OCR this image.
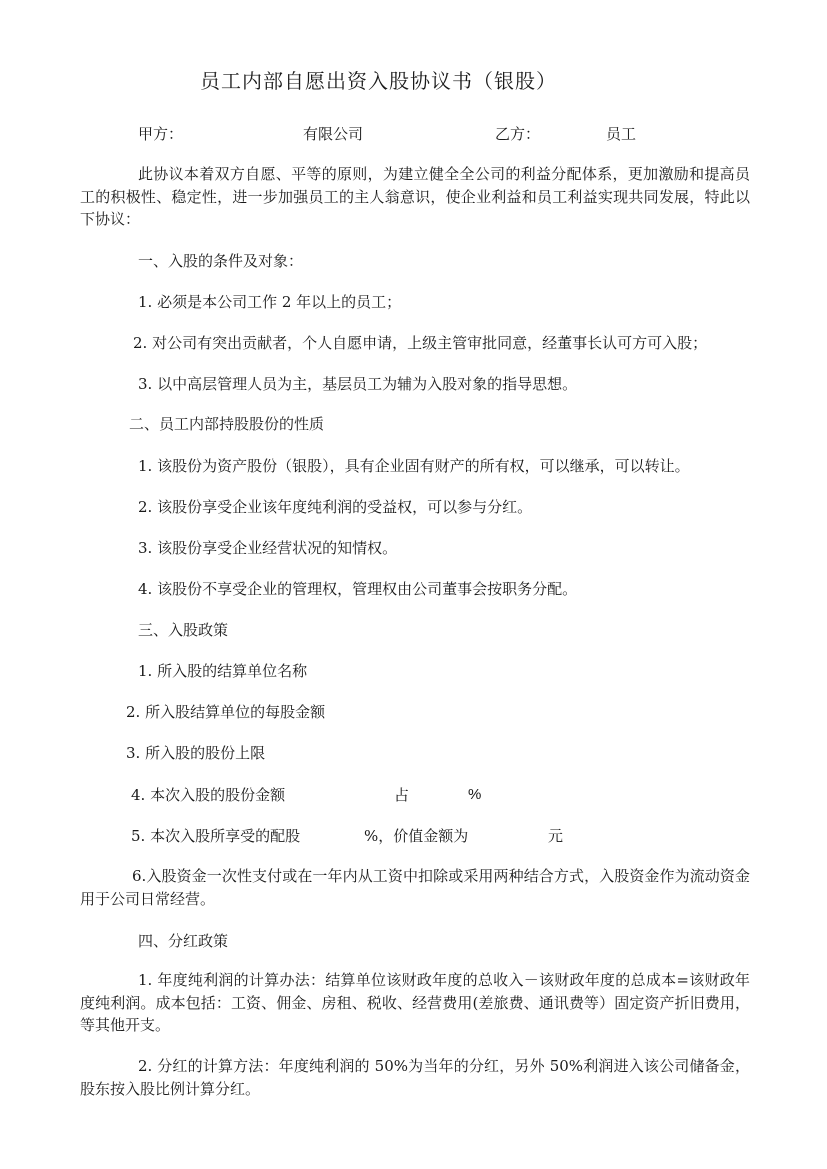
员工内部自愿出资入股协议书（银股）
甲方：	有限公司	乙方：	员工
此协议本着双方自愿、平等的原则，为建立健全全公司的利益分配体系，更加激励和提高员工的积极性、稳定性，进一步加强员工的主人翁意识，使企业利益和员工利益实现共同发展，特此以下协议：
一、入股的条件及对象：
1. 必须是本公司工作 2 年以上的员工；
2. 对公司有突出贡献者，个人自愿申请，上级主管审批同意，经董事长认可方可入股；
3. 以中高层管理人员为主，基层员工为辅为入股对象的指导思想。
二、员工内部持股股份的性质
1. 该股份为资产股份（银股），具有企业固有财产的所有权，可以继承，可以转让。
2. 该股份享受企业该年度纯利润的受益权，可以参与分红。
3. 该股份享受企业经营状况的知情权。
4. 该股份不享受企业的管理权，管理权由公司董事会按职务分配。
三、入股政策
1. 所入股的结算单位名称
2. 所入股结算单位的每股金额
3. 所入股的股份上限
4. 本次入股的股份金额	占	%
5. 本次入股所享受的配股	%，价值金额为	元
6.入股资金一次性支付或在一年内从工资中扣除或采用两种结合方式，入股资金作为流动资金用于公司日常经营。
四、分红政策
1. 年度纯利润的计算办法：结算单位该财政年度的总收入－该财政年度的总成本=该财政年度纯利润。成本包括：工资、佣金、房租、税收、经营费用(差旅费、通讯费等）固定资产折旧费用，等其他开支。
2. 分红的计算方法：年度纯利润的 50%为当年的分红，另外 50%利润进入该公司储备金，股东按入股比例计算分红。
